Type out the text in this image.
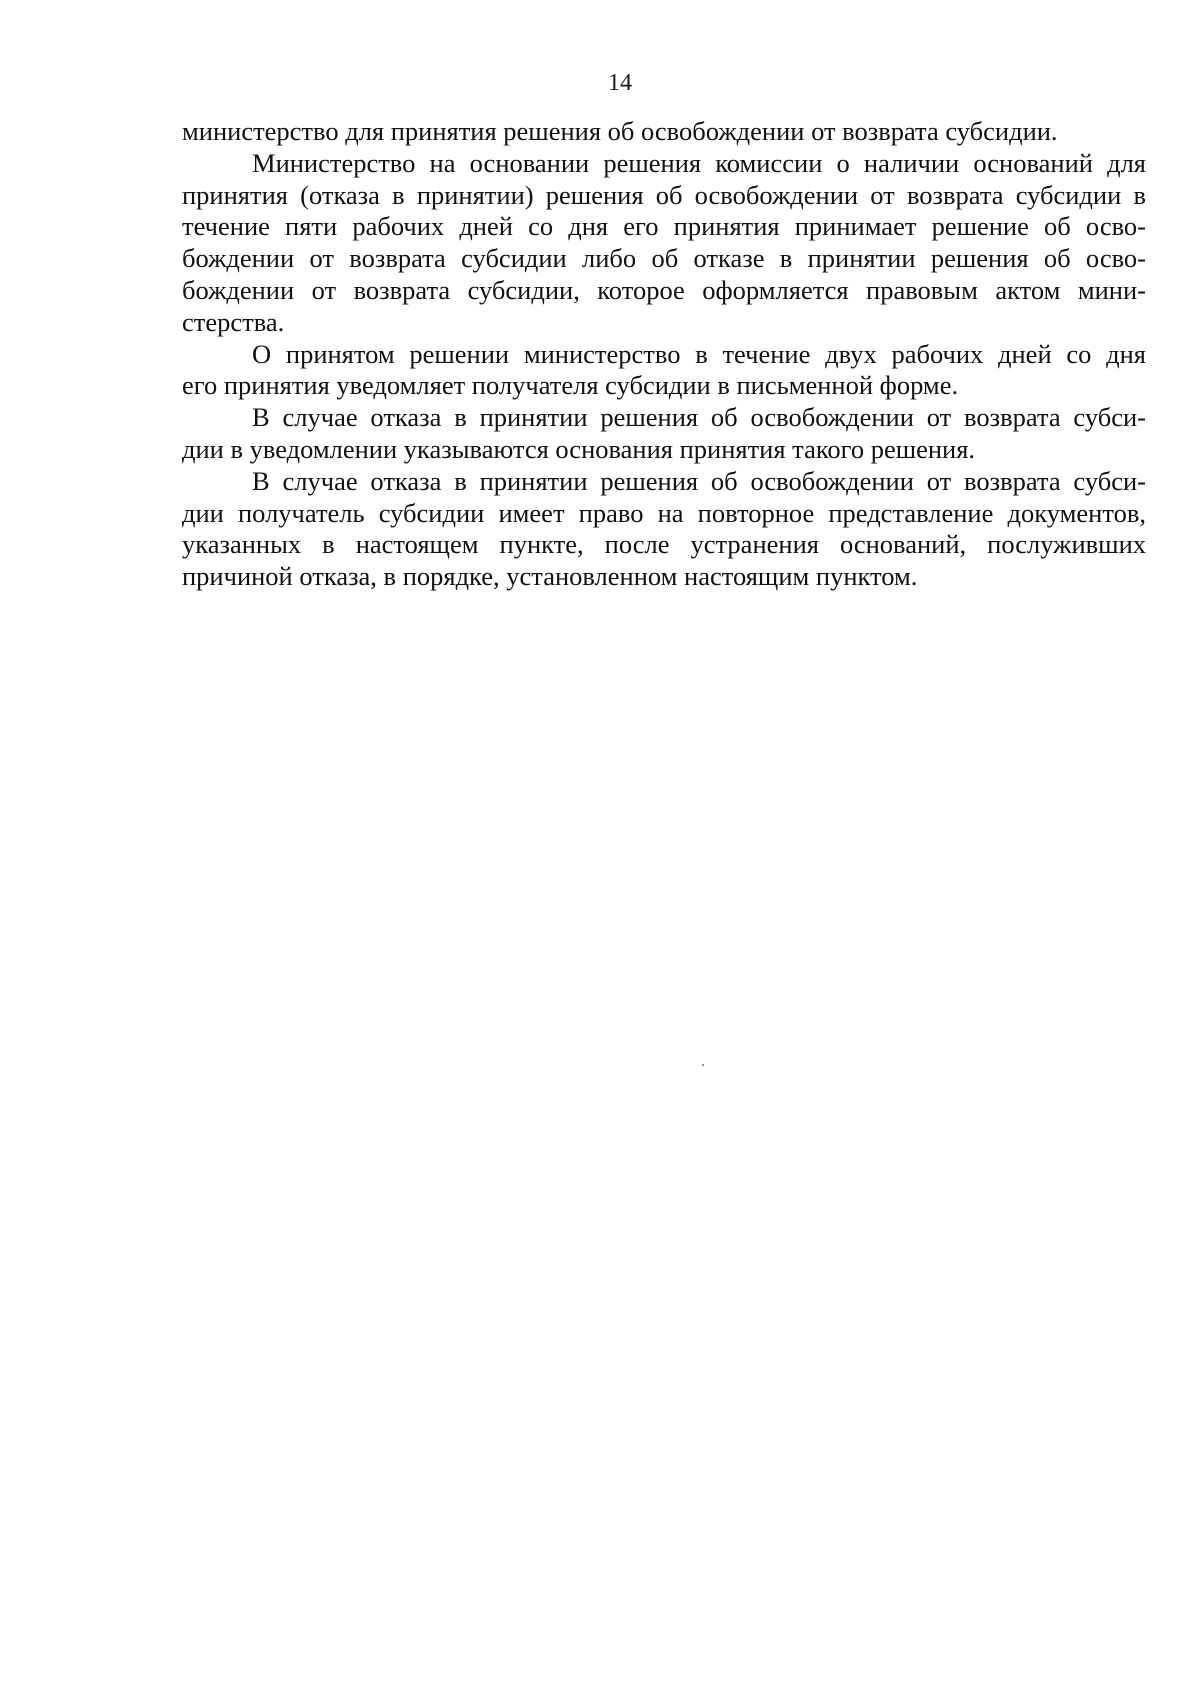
14
министерство для принятия решения об освобождении от возврата субсидии.
Министерство на основании решения комиссии о наличии оснований для
принятия (отказа в принятии) решения об освобождении от возврата субсидии в
течение пяти рабочих дней со дня его принятия принимает решение об осво-
бождении от возврата субсидии либо об отказе в принятии решения об осво-
бождении от возврата субсидии, которое оформляется правовым актом мини-
стерства.
О принятом решении министерство в течение двух рабочих дней со дня
его принятия уведомляет получателя субсидии в письменной форме.
В случае отказа в принятии решения об освобождении от возврата субси-
дии в уведомлении указываются основания принятия такого решения.
В случае отказа в принятии решения об освобождении от возврата субси-
дии получатель субсидии имеет право на повторное представление документов,
указанных в настоящем пункте, после устранения оснований, послуживших
причиной отказа, в порядке, установленном настоящим пунктом.
